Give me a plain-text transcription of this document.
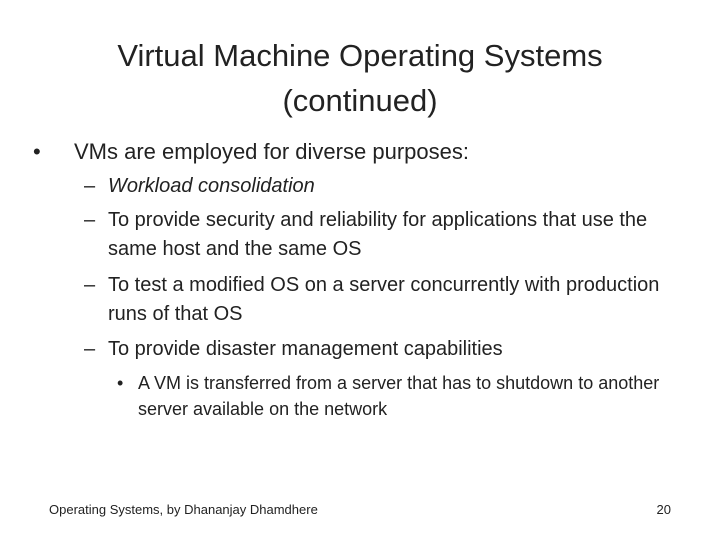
Virtual Machine Operating Systems
(continued)
•	VMs are employed for diverse purposes:
– Workload consolidation
– To provide security and reliability for applications that use the same host and the same OS
– To test a modified OS on a server concurrently with production runs of that OS
– To provide disaster management capabilities
• A VM is transferred from a server that has to shutdown to another server available on the network
Operating Systems, by Dhananjay Dhamdhere	20
